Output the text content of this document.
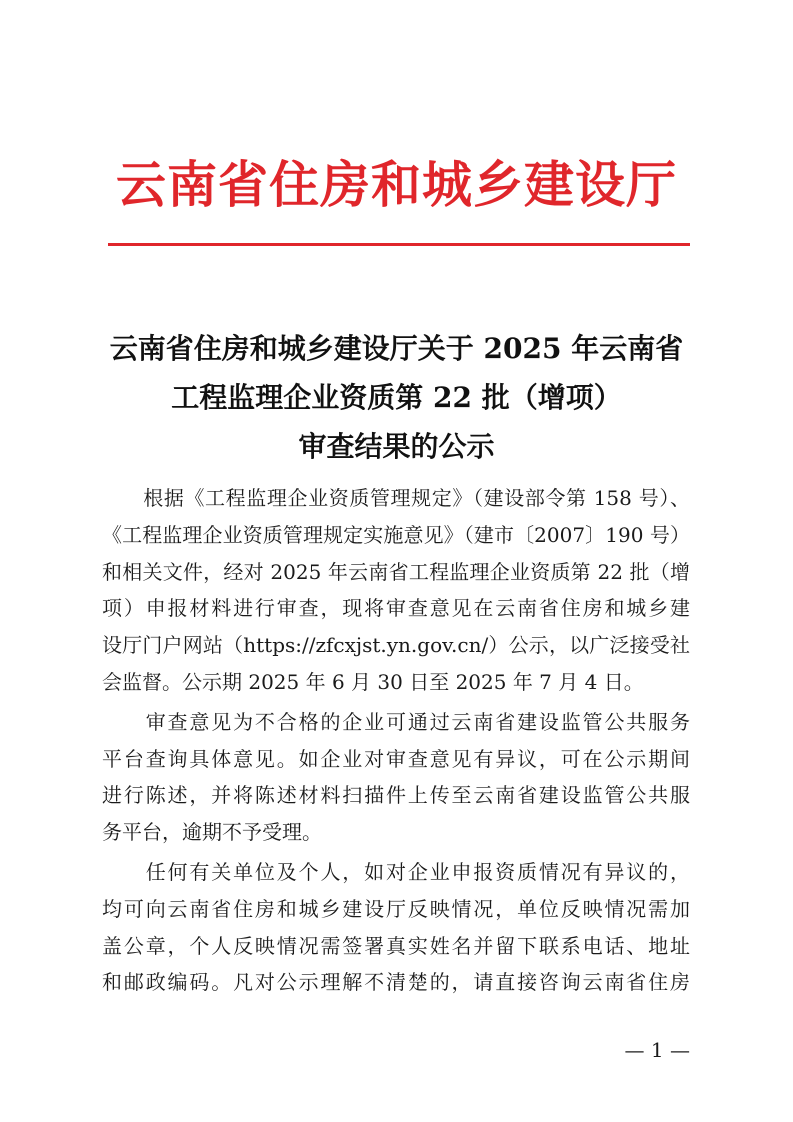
云南省住房和城乡建设厅
云南省住房和城乡建设厅关于 2025 年云南省
工程监理企业资质第 22 批（增项）
审查结果的公示
　　根据《工程监理企业资质管理规定》（建设部令第 158 号）、
《工程监理企业资质管理规定实施意见》（建市〔2007〕190 号）
和相关文件，经对 2025 年云南省工程监理企业资质第 22 批（增
项）申报材料进行审查，现将审查意见在云南省住房和城乡建
设厅门户网站（https://zfcxjst.yn.gov.cn/）公示，以广泛接受社
会监督。公示期 2025 年 6 月 30 日至 2025 年 7 月 4 日。
　　审查意见为不合格的企业可通过云南省建设监管公共服务
平台查询具体意见。如企业对审查意见有异议，可在公示期间
进行陈述，并将陈述材料扫描件上传至云南省建设监管公共服
务平台，逾期不予受理。
　　任何有关单位及个人，如对企业申报资质情况有异议的，
均可向云南省住房和城乡建设厅反映情况，单位反映情况需加
盖公章，个人反映情况需签署真实姓名并留下联系电话、地址
和邮政编码。凡对公示理解不清楚的，请直接咨询云南省住房
— 1 —
